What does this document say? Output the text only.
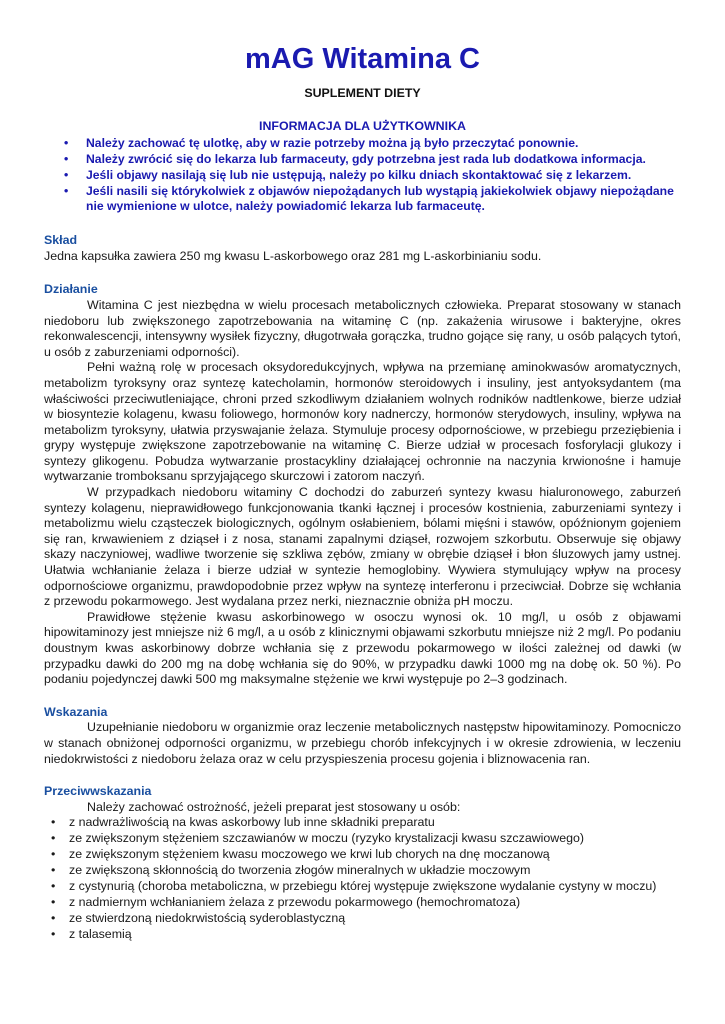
mAG Witamina C
SUPLEMENT DIETY
INFORMACJA DLA UŻYTKOWNIKA
• Należy zachować tę ulotkę, aby w razie potrzeby można ją było przeczytać ponownie.
• Należy zwrócić się do lekarza lub farmaceuty, gdy potrzebna jest rada lub dodatkowa informacja.
• Jeśli objawy nasilają się lub nie ustępują, należy po kilku dniach skontaktować się z lekarzem.
• Jeśli nasili się którykolwiek z objawów niepożądanych lub wystąpią jakiekolwiek objawy niepożądane nie wymienione w ulotce, należy powiadomić lekarza lub farmaceutę.
Skład

Jedna kapsułka zawiera 250 mg kwasu L-askorbowego oraz 281 mg L-askorbinianiu sodu.

Działanie

Witamina C jest niezbędna w wielu procesach metabolicznych człowieka. Preparat stosowany w stanach niedoboru lub zwiększonego zapotrzebowania na witaminę C (np. zakażenia wirusowe i bakteryjne, okres rekonwalescencji, intensywny wysiłek fizyczny, długotrwała gorączka, trudno gojące się rany, u osób palących tytoń, u osób z zaburzeniami odporności).

Pełni ważną rolę w procesach oksydoredukcyjnych, wpływa na przemianę aminokwasów aromatycznych, metabolizm tyroksyny oraz syntezę katecholamin, hormonów steroidowych i insuliny, jest antyoksydantem (ma właściwości przeciwutleniające, chroni przed szkodliwym działaniem wolnych rodników nadtlenkowe, bierze udział w biosyntezie kolagenu, kwasu foliowego, hormonów kory nadnerczy, hormonów sterydowych, insuliny, wpływa na metabolizm tyroksyny, ułatwia przyswajanie żelaza. Stymuluje procesy odpornościowe, w przebiegu przeziębienia i grypy występuje zwiększone zapotrzebowanie na witaminę C. Bierze udział w procesach fosforylacji glukozy i syntezy glikogenu. Pobudza wytwarzanie prostacykliny działającej ochronnie na naczynia krwionośne i hamuje wytwarzanie tromboksanu sprzyjającego skurczowi i zatorom naczyń.

W przypadkach niedoboru witaminy C dochodzi do zaburzeń syntezy kwasu hialuronowego, zaburzeń syntezy kolagenu, nieprawidłowego funkcjonowania tkanki łącznej i procesów kostnienia, zaburzeniami syntezy i metabolizmu wielu cząsteczek biologicznych, ogólnym osłabieniem, bólami mięśni i stawów, opóźnionym gojeniem się ran, krwawieniem z dziąseł i z nosa, stanami zapalnymi dziąseł, rozwojem szkorbutu. Obserwuje się objawy skazy naczyniowej, wadliwe tworzenie się szkliwa zębów, zmiany w obrębie dziąseł i błon śluzowych jamy ustnej. Ułatwia wchłanianie żelaza i bierze udział w syntezie hemoglobiny. Wywiera stymulujący wpływ na procesy odpornościowe organizmu, prawdopodobnie przez wpływ na syntezę interferonu i przeciwciał. Dobrze się wchłania z przewodu pokarmowego. Jest wydalana przez nerki, nieznacznie obniża pH moczu.

Prawidłowe stężenie kwasu askorbinowego w osoczu wynosi ok. 10 mg/l, u osób z objawami hipowitaminozy jest mniejsze niż 6 mg/l, a u osób z klinicznymi objawami szkorbutu mniejsze niż 2 mg/l. Po podaniu doustnym kwas askorbinowy dobrze wchłania się z przewodu pokarmowego w ilości zależnej od dawki (w przypadku dawki do 200 mg na dobę wchłania się do 90%, w przypadku dawki 1000 mg na dobę ok. 50 %). Po podaniu pojedynczej dawki 500 mg maksymalne stężenie we krwi występuje po 2–3 godzinach.

Wskazania

Uzupełnianie niedoboru w organizmie oraz leczenie metabolicznych następstw hipowitaminozy. Pomocniczo w stanach obniżonej odporności organizmu, w przebiegu chorób infekcyjnych i w okresie zdrowienia, w leczeniu niedokrwistości z niedoboru żelaza oraz w celu przyspieszenia procesu gojenia i bliznowacenia ran.

Przeciwwskazania

Należy zachować ostrożność, jeżeli preparat jest stosowany u osób:

• z nadwrażliwością na kwas askorbowy lub inne składniki preparatu
• ze zwiększonym stężeniem szczawianów w moczu (ryzyko krystalizacji kwasu szczawiowego)
• ze zwiększonym stężeniem kwasu moczowego we krwi lub chorych na dnę moczanową
• ze zwiększoną skłonnością do tworzenia złogów mineralnych w układzie moczowym
• z cystynurią (choroba metaboliczna, w przebiegu której występuje zwiększone wydalanie cystyny w moczu)
• z nadmiernym wchłanianiem żelaza z przewodu pokarmowego (hemochromatoza)
• ze stwierdzoną niedokrwistością syderoblastyczną
• z talasemią
